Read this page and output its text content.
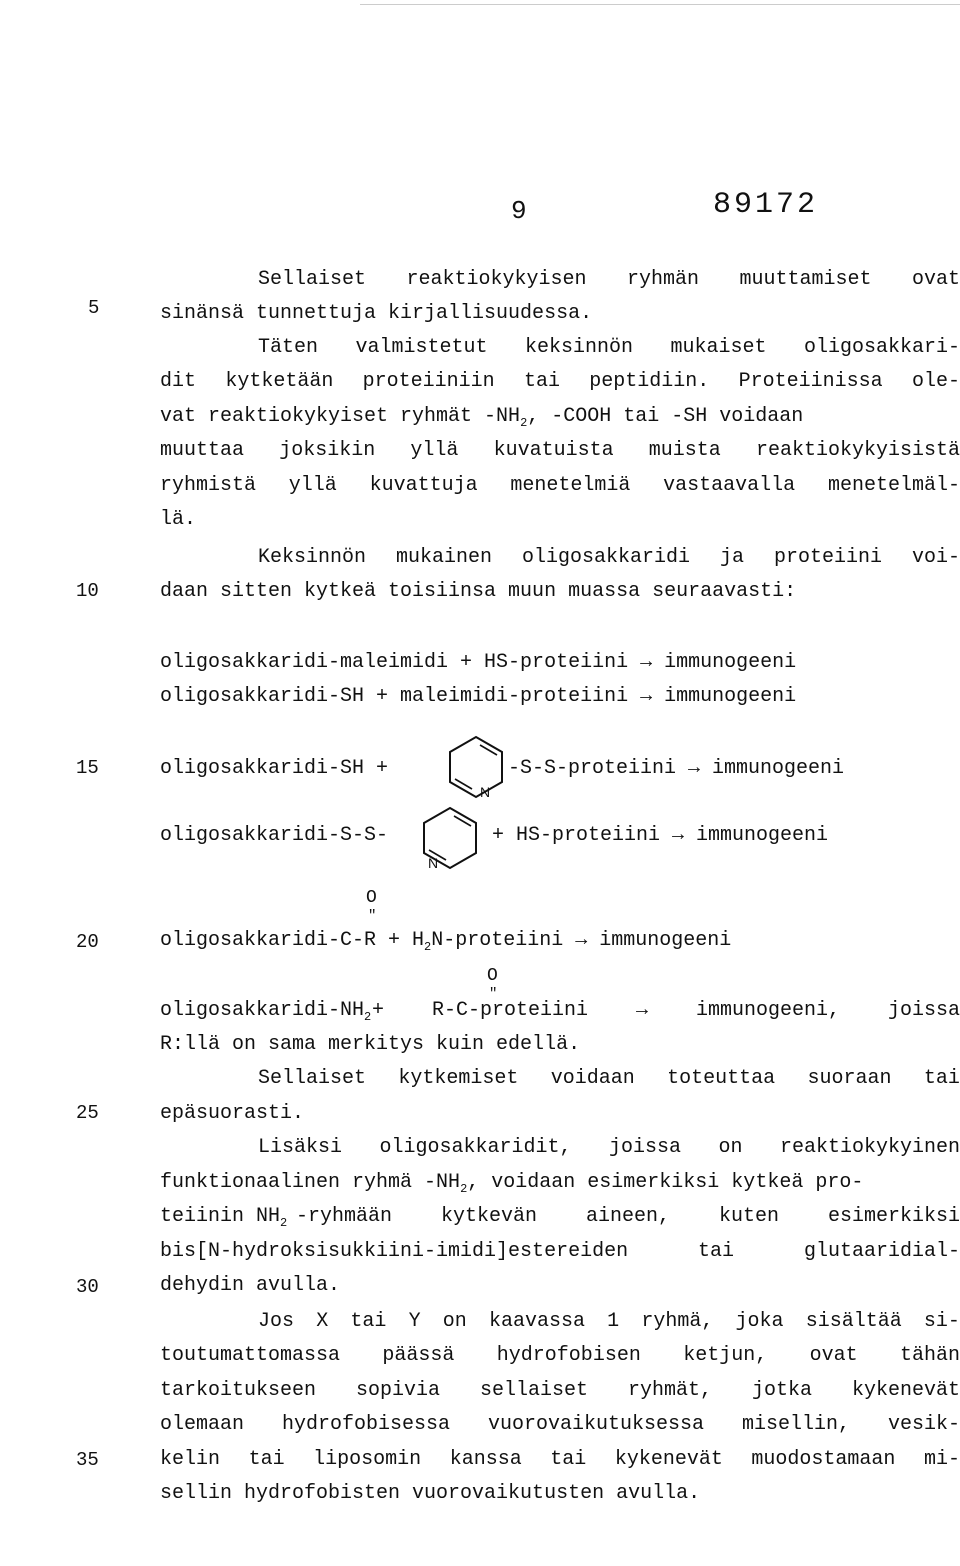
9	89172
5
10
15
20
25
30
35
Sellaiset reaktiokykyisen ryhmän muuttamiset ovat
sinänsä tunnettuja kirjallisuudessa.
Täten valmistetut keksinnön mukaiset oligosakkari-
dit kytketään proteiiniin tai peptidiin. Proteiinissa ole-
vat reaktiokykyiset ryhmät $-NH_2$, -COOH tai -SH voidaan
muuttaa joksikin yllä kuvatuista muista reaktiokykyisistä
ryhmistä yllä kuvattuja menetelmiä vastaavalla menetelmäl-
lä.
Keksinnön mukainen oligosakkaridi ja proteiini voi-
daan sitten kytkeä toisiinsa muun muassa seuraavasti:
oligosakkaridi-maleimidi + HS-proteiini → immunogeeni
oligosakkaridi-SH + maleimidi-proteiini → immunogeeni
oligosakkaridi-SH +
N
-S-S-proteiini → immunogeeni
oligosakkaridi-S-S-
N
+ HS-proteiini → immunogeeni
O
"
oligosakkaridi-C-R + $H_2N$-proteiini → immunogeeni
O
"
oligosakkaridi-$NH_2$ + R-C-proteiini → immunogeeni, joissa
R:llä on sama merkitys kuin edellä.
Sellaiset kytkemiset voidaan toteuttaa suoraan tai
epäsuorasti.
Lisäksi oligosakkaridit, joissa on reaktiokykyinen
funktionaalinen ryhmä $-NH_2$, voidaan esimerkiksi kytkeä pro-
teiinin $NH_2$ -ryhmään kytkevän aineen, kuten esimerkiksi
bis[N-hydroksisukkiini-imidi]estereiden	tai	glutaaridial-
dehydin avulla.
Jos X tai Y on kaavassa 1 ryhmä, joka sisältää si-
toutumattomassa päässä hydrofobisen ketjun, ovat tähän
tarkoitukseen sopivia sellaiset ryhmät, jotka kykenevät
olemaan hydrofobisessa vuorovaikutuksessa misellin, vesik-
kelin tai liposomin kanssa tai kykenevät muodostamaan mi-
sellin hydrofobisten vuorovaikutusten avulla.
